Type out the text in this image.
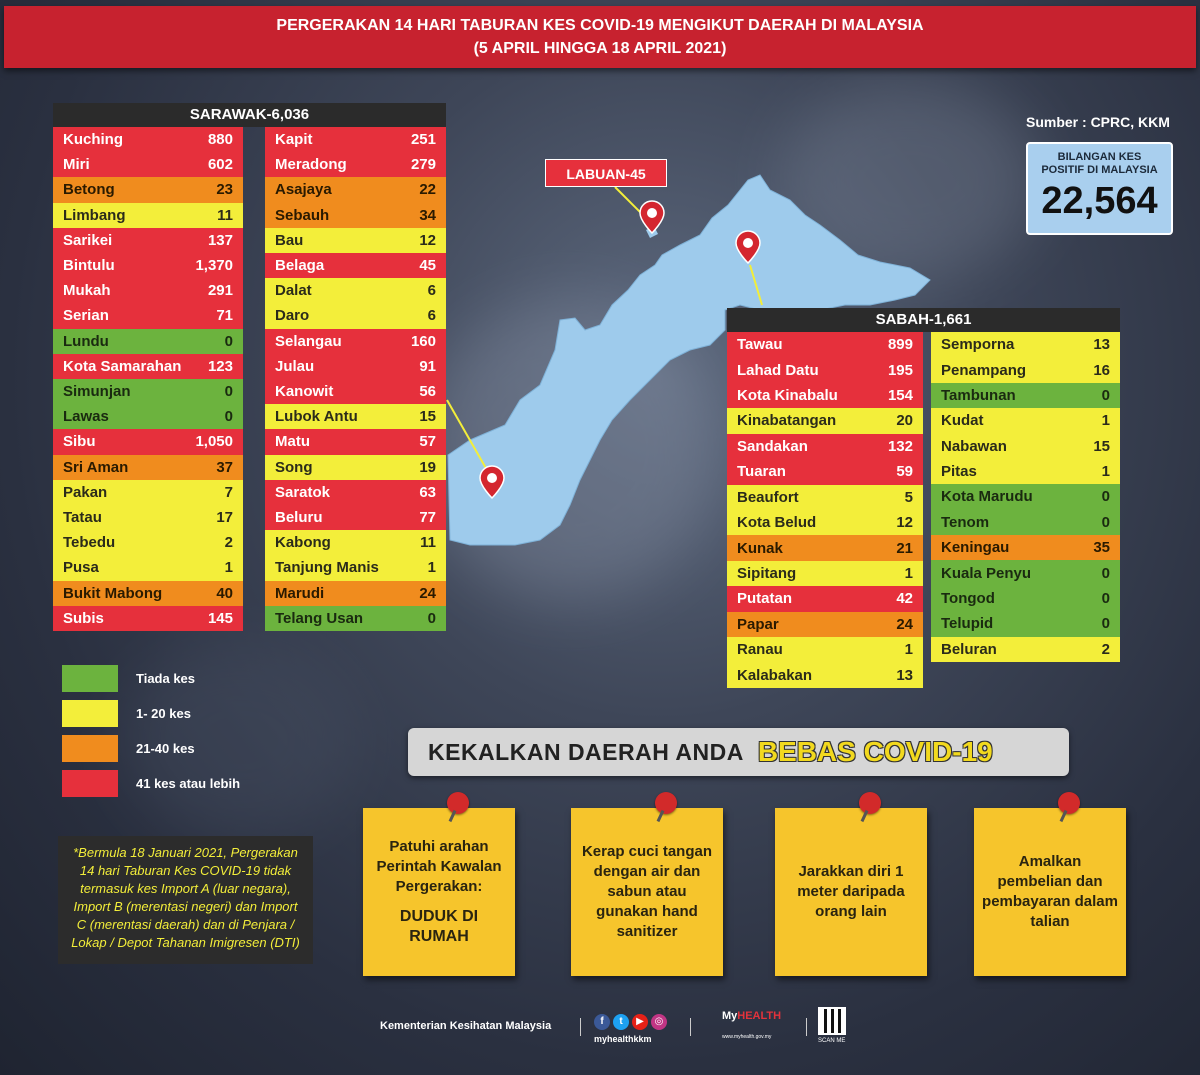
PERGERAKAN 14 HARI TABURAN KES COVID-19 MENGIKUT DAERAH DI MALAYSIA
(5 APRIL HINGGA 18 APRIL 2021)
LABUAN-45
Sumber : CPRC, KKM
BILANGAN KES
POSITIF DI MALAYSIA
22,564
SARAWAK-6,036
Kuching	880
Miri	602
Betong	23
Limbang	11
Sarikei	137
Bintulu	1,370
Mukah	291
Serian	71
Lundu	0
Kota Samarahan 123
Simunjan	0
Lawas	0
Sibu	1,050
Sri Aman	37
Pakan	7
Tatau	17
Tebedu	2
Pusa	1
Bukit Mabong	40
Subis	145
Kapit	251
Meradong	279
Asajaya	22
Sebauh	34
Bau	12
Belaga	45
Dalat	6
Daro	6
Selangau	160
Julau	91
Kanowit	56
Lubok Antu	15
Matu	57
Song	19
Saratok	63
Beluru	77
Kabong	11
Tanjung Manis	1
Marudi	24
Telang Usan	0
SABAH-1,661
Tawau	899
Lahad Datu	195
Kota Kinabalu	154
Kinabatangan	20
Sandakan	132
Tuaran	59
Beaufort	5
Kota Belud	12
Kunak	21
Sipitang	1
Putatan	42
Papar	24
Ranau	1
Kalabakan	13
Semporna	13
Penampang	16
Tambunan	0
Kudat	1
Nabawan	15
Pitas	1
Kota Marudu	0
Tenom	0
Keningau	35
Kuala Penyu	0
Tongod	0
Telupid	0
Beluran	2
Tiada kes
1- 20 kes
21-40 kes
41 kes atau lebih
*Bermula 18 Januari 2021, Pergerakan 14 hari Taburan Kes COVID-19 tidak termasuk kes Import A (luar negara), Import B (merentasi negeri) dan Import C (merentasi daerah) dan di Penjara / Lokap / Depot Tahanan Imigresen (DTI)
KEKALKAN DAERAH ANDA BEBAS COVID-19
Patuhi arahan Perintah Kawalan Pergerakan:
DUDUK DI RUMAH
Kerap cuci tangan dengan air dan sabun atau gunakan hand sanitizer
Jarakkan diri 1 meter daripada orang lain
Amalkan pembelian dan pembayaran dalam talian
Kementerian Kesihatan Malaysia	f	t	▶	◎
myhealthkkm
MyHEALTH
www.myhealth.gov.my
SCAN ME
